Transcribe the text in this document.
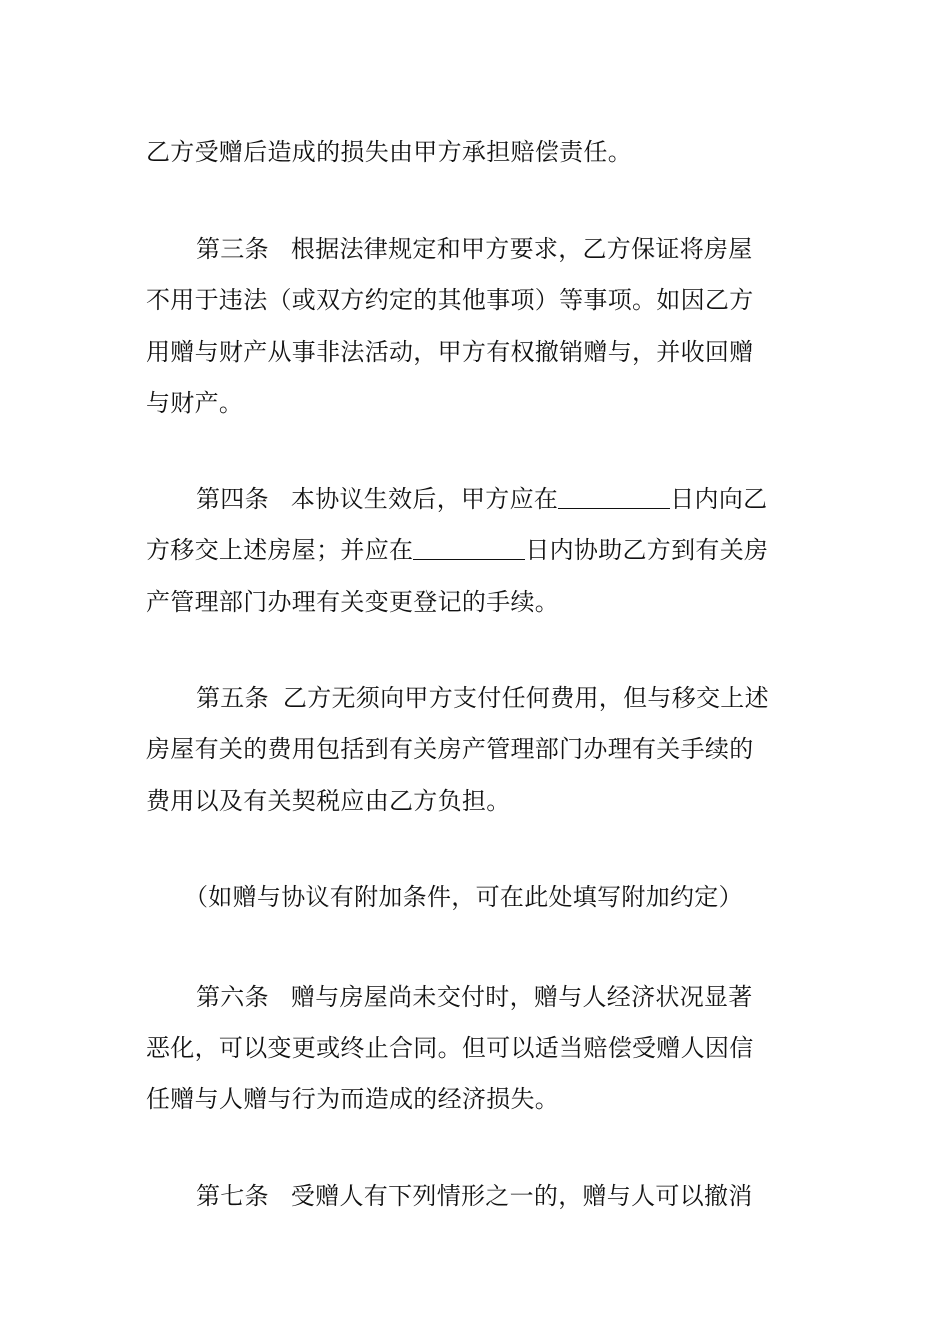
乙方受赠后造成的损失由甲方承担赔偿责任。
第三条 根据法律规定和甲方要求，乙方保证将房屋
不用于违法（或双方约定的其他事项）等事项。如因乙方
用赠与财产从事非法活动，甲方有权撤销赠与，并收回赠
与财产。
第四条 本协议生效后，甲方应在	日内向乙
方移交上述房屋；并应在	日内协助乙方到有关房
产管理部门办理有关变更登记的手续。
第五条 乙方无须向甲方支付任何费用，但与移交上述
房屋有关的费用包括到有关房产管理部门办理有关手续的
费用以及有关契税应由乙方负担。
（如赠与协议有附加条件，可在此处填写附加约定）
第六条 赠与房屋尚未交付时，赠与人经济状况显著
恶化，可以变更或终止合同。但可以适当赔偿受赠人因信
任赠与人赠与行为而造成的经济损失。
第七条 受赠人有下列情形之一的，赠与人可以撤消
